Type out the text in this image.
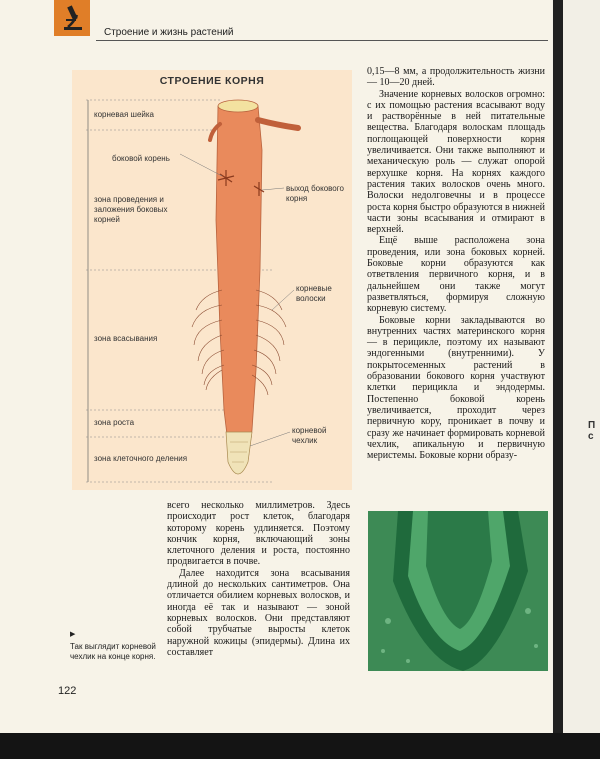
Строение и жизнь растений
СТРОЕНИЕ КОРНЯ
корневая шейка
боковой корень
зона проведения и заложения боковых корней
выход бокового корня
корневые волоски
зона всасывания
зона роста
корневой чехлик
зона клеточного деления

0,15—8 мм, а продолжительность жизни — 10—20 дней.

Значение корневых волосков огромно: с их помощью растения всасывают воду и растворённые в ней питательные вещества. Благодаря волоскам площадь поглощающей поверхности корня увеличивается. Они также выполняют и механическую роль — служат опорой верхушке корня. На корнях каждого растения таких волосков очень много. Волоски недолговечны и в процессе роста корня быстро образуются в нижней части зоны всасывания и отмирают в верхней.

Ещё выше расположена зона проведения, или зона боковых корней. Боковые корни образуются как ответвления первичного корня, и в дальнейшем они также могут разветвляться, формируя сложную корневую систему.

Боковые корни закладываются во внутренних частях материнского корня — в перицикле, поэтому их называют эндогенными (внутренними). У покрытосеменных растений в образовании бокового корня участвуют клетки перицикла и эндодермы. Постепенно боковой корень увеличивается, проходит через первичную кору, проникает в почву и сразу же начинает формировать корневой чехлик, апикальную и первичную меристемы. Боковые корни образу-

всего несколько миллиметров. Здесь происходит рост клеток, благодаря которому корень удлиняется. Поэтому кончик корня, включающий зоны клеточного деления и роста, постоянно продвигается в почве.

Далее находится зона всасывания длиной до нескольких сантиметров. Она отличается обилием корневых волосков, и иногда её так и называют — зоной корневых волосков. Они представляют собой трубчатые выросты клеток наружной кожицы (эпидермы). Длина их составляет

▶
Так выглядит корневой чехлик на конце корня.
122
П
с
